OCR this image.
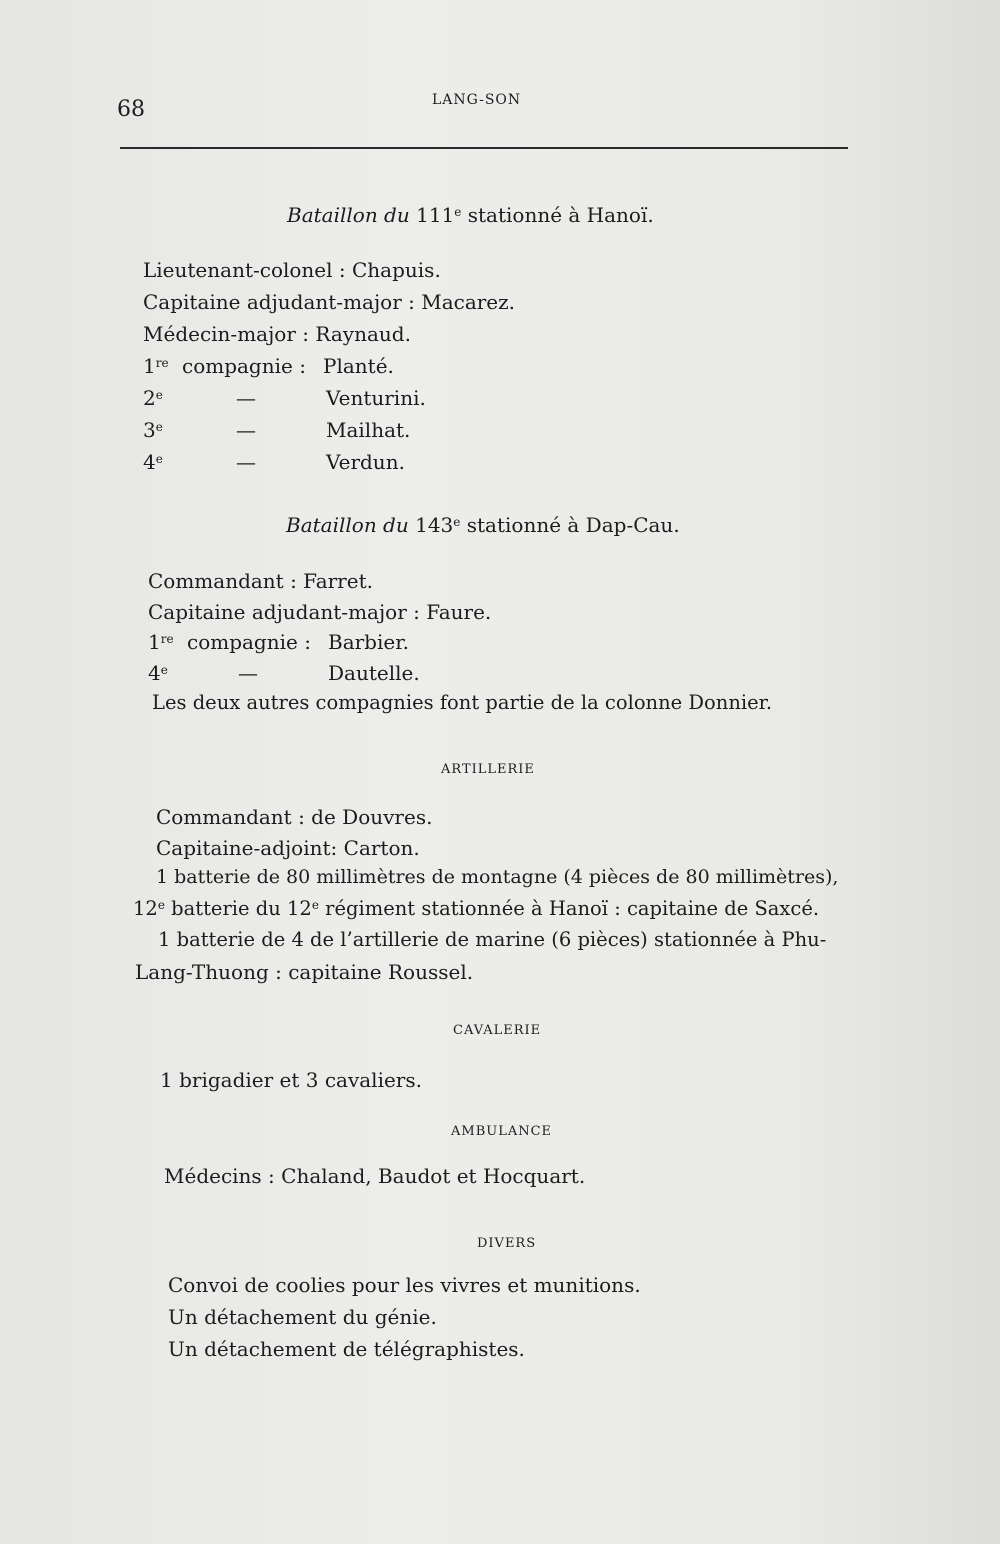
68	LANG-SON
Bataillon du 111e stationné à Hanoï.
Lieutenant-colonel : Chapuis.
Capitaine adjudant-major : Macarez.
Médecin-major : Raynaud.
1re compagnie : Planté.
2e	—	Venturini.
3e	—	Mailhat.
4e	—	Verdun.
Bataillon du 143e stationné à Dap-Cau.
Commandant : Farret.
Capitaine adjudant-major : Faure.
1re compagnie : Barbier.
4e	—	Dautelle.
Les deux autres compagnies font partie de la colonne Donnier.
ARTILLERIE
Commandant : de Douvres.
Capitaine-adjoint: Carton.
1 batterie de 80 millimètres de montagne (4 pièces de 80 millimètres),
12e batterie du 12e régiment stationnée à Hanoï : capitaine de Saxcé.
1 batterie de 4 de l’artillerie de marine (6 pièces) stationnée à Phu-
Lang-Thuong : capitaine Roussel.
CAVALERIE
1 brigadier et 3 cavaliers.
AMBULANCE
Médecins : Chaland, Baudot et Hocquart.
DIVERS
Convoi de coolies pour les vivres et munitions.
Un détachement du génie.
Un détachement de télégraphistes.
